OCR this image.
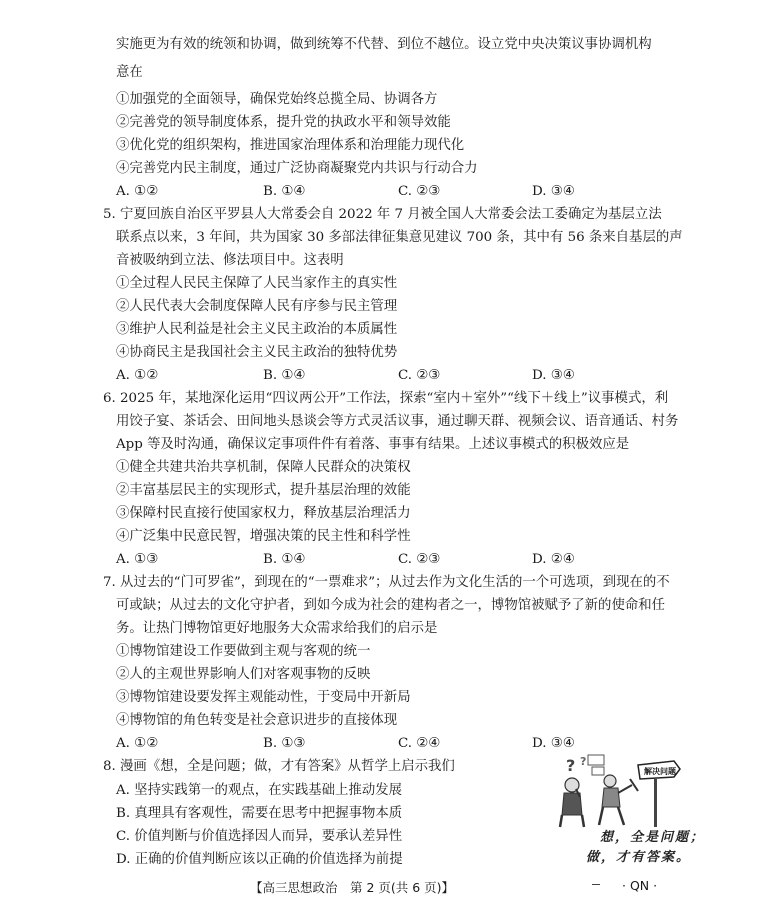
实施更为有效的统领和协调，做到统筹不代替、到位不越位。设立党中央决策议事协调机构
意在
①加强党的全面领导，确保党始终总揽全局、协调各方
②完善党的领导制度体系，提升党的执政水平和领导效能
③优化党的组织架构，推进国家治理体系和治理能力现代化
④完善党内民主制度，通过广泛协商凝聚党内共识与行动合力
A. ①②	B. ①④	C. ②③	D. ③④
5. 宁夏回族自治区平罗县人大常委会自 2022 年 7 月被全国人大常委会法工委确定为基层立法
联系点以来，3 年间，共为国家 30 多部法律征集意见建议 700 条，其中有 56 条来自基层的声
音被吸纳到立法、修法项目中。这表明
①全过程人民民主保障了人民当家作主的真实性
②人民代表大会制度保障人民有序参与民主管理
③维护人民利益是社会主义民主政治的本质属性
④协商民主是我国社会主义民主政治的独特优势
A. ①②	B. ①④	C. ②③	D. ③④
6. 2025 年，某地深化运用“四议两公开”工作法，探索“室内＋室外”“线下＋线上”议事模式，利
用饺子宴、茶话会、田间地头恳谈会等方式灵活议事，通过聊天群、视频会议、语音通话、村务
App 等及时沟通，确保议定事项件件有着落、事事有结果。上述议事模式的积极效应是
①健全共建共治共享机制，保障人民群众的决策权
②丰富基层民主的实现形式，提升基层治理的效能
③保障村民直接行使国家权力，释放基层治理活力
④广泛集中民意民智，增强决策的民主性和科学性
A. ①③	B. ①④	C. ②③	D. ②④
7. 从过去的“门可罗雀”，到现在的“一票难求”；从过去作为文化生活的一个可选项，到现在的不
可或缺；从过去的文化守护者，到如今成为社会的建构者之一，博物馆被赋予了新的使命和任
务。让热门博物馆更好地服务大众需求给我们的启示是
①博物馆建设工作要做到主观与客观的统一
②人的主观世界影响人们对客观事物的反映
③博物馆建设要发挥主观能动性，于变局中开新局
④博物馆的角色转变是社会意识进步的直接体现
A. ①②	B. ①③	C. ②④	D. ③④
8. 漫画《想，全是问题；做，才有答案》从哲学上启示我们
A. 坚持实践第一的观点，在实践基础上推动发展
B. 真理具有客观性，需要在思考中把握事物本质
C. 价值判断与价值选择因人而异，要承认差异性
D. 正确的价值判断应该以正确的价值选择为前提
? ?
解决问题
想，全是问题；
做，才有答案。
【高三思想政治　第 2 页(共 6 页)】	· QN ·
